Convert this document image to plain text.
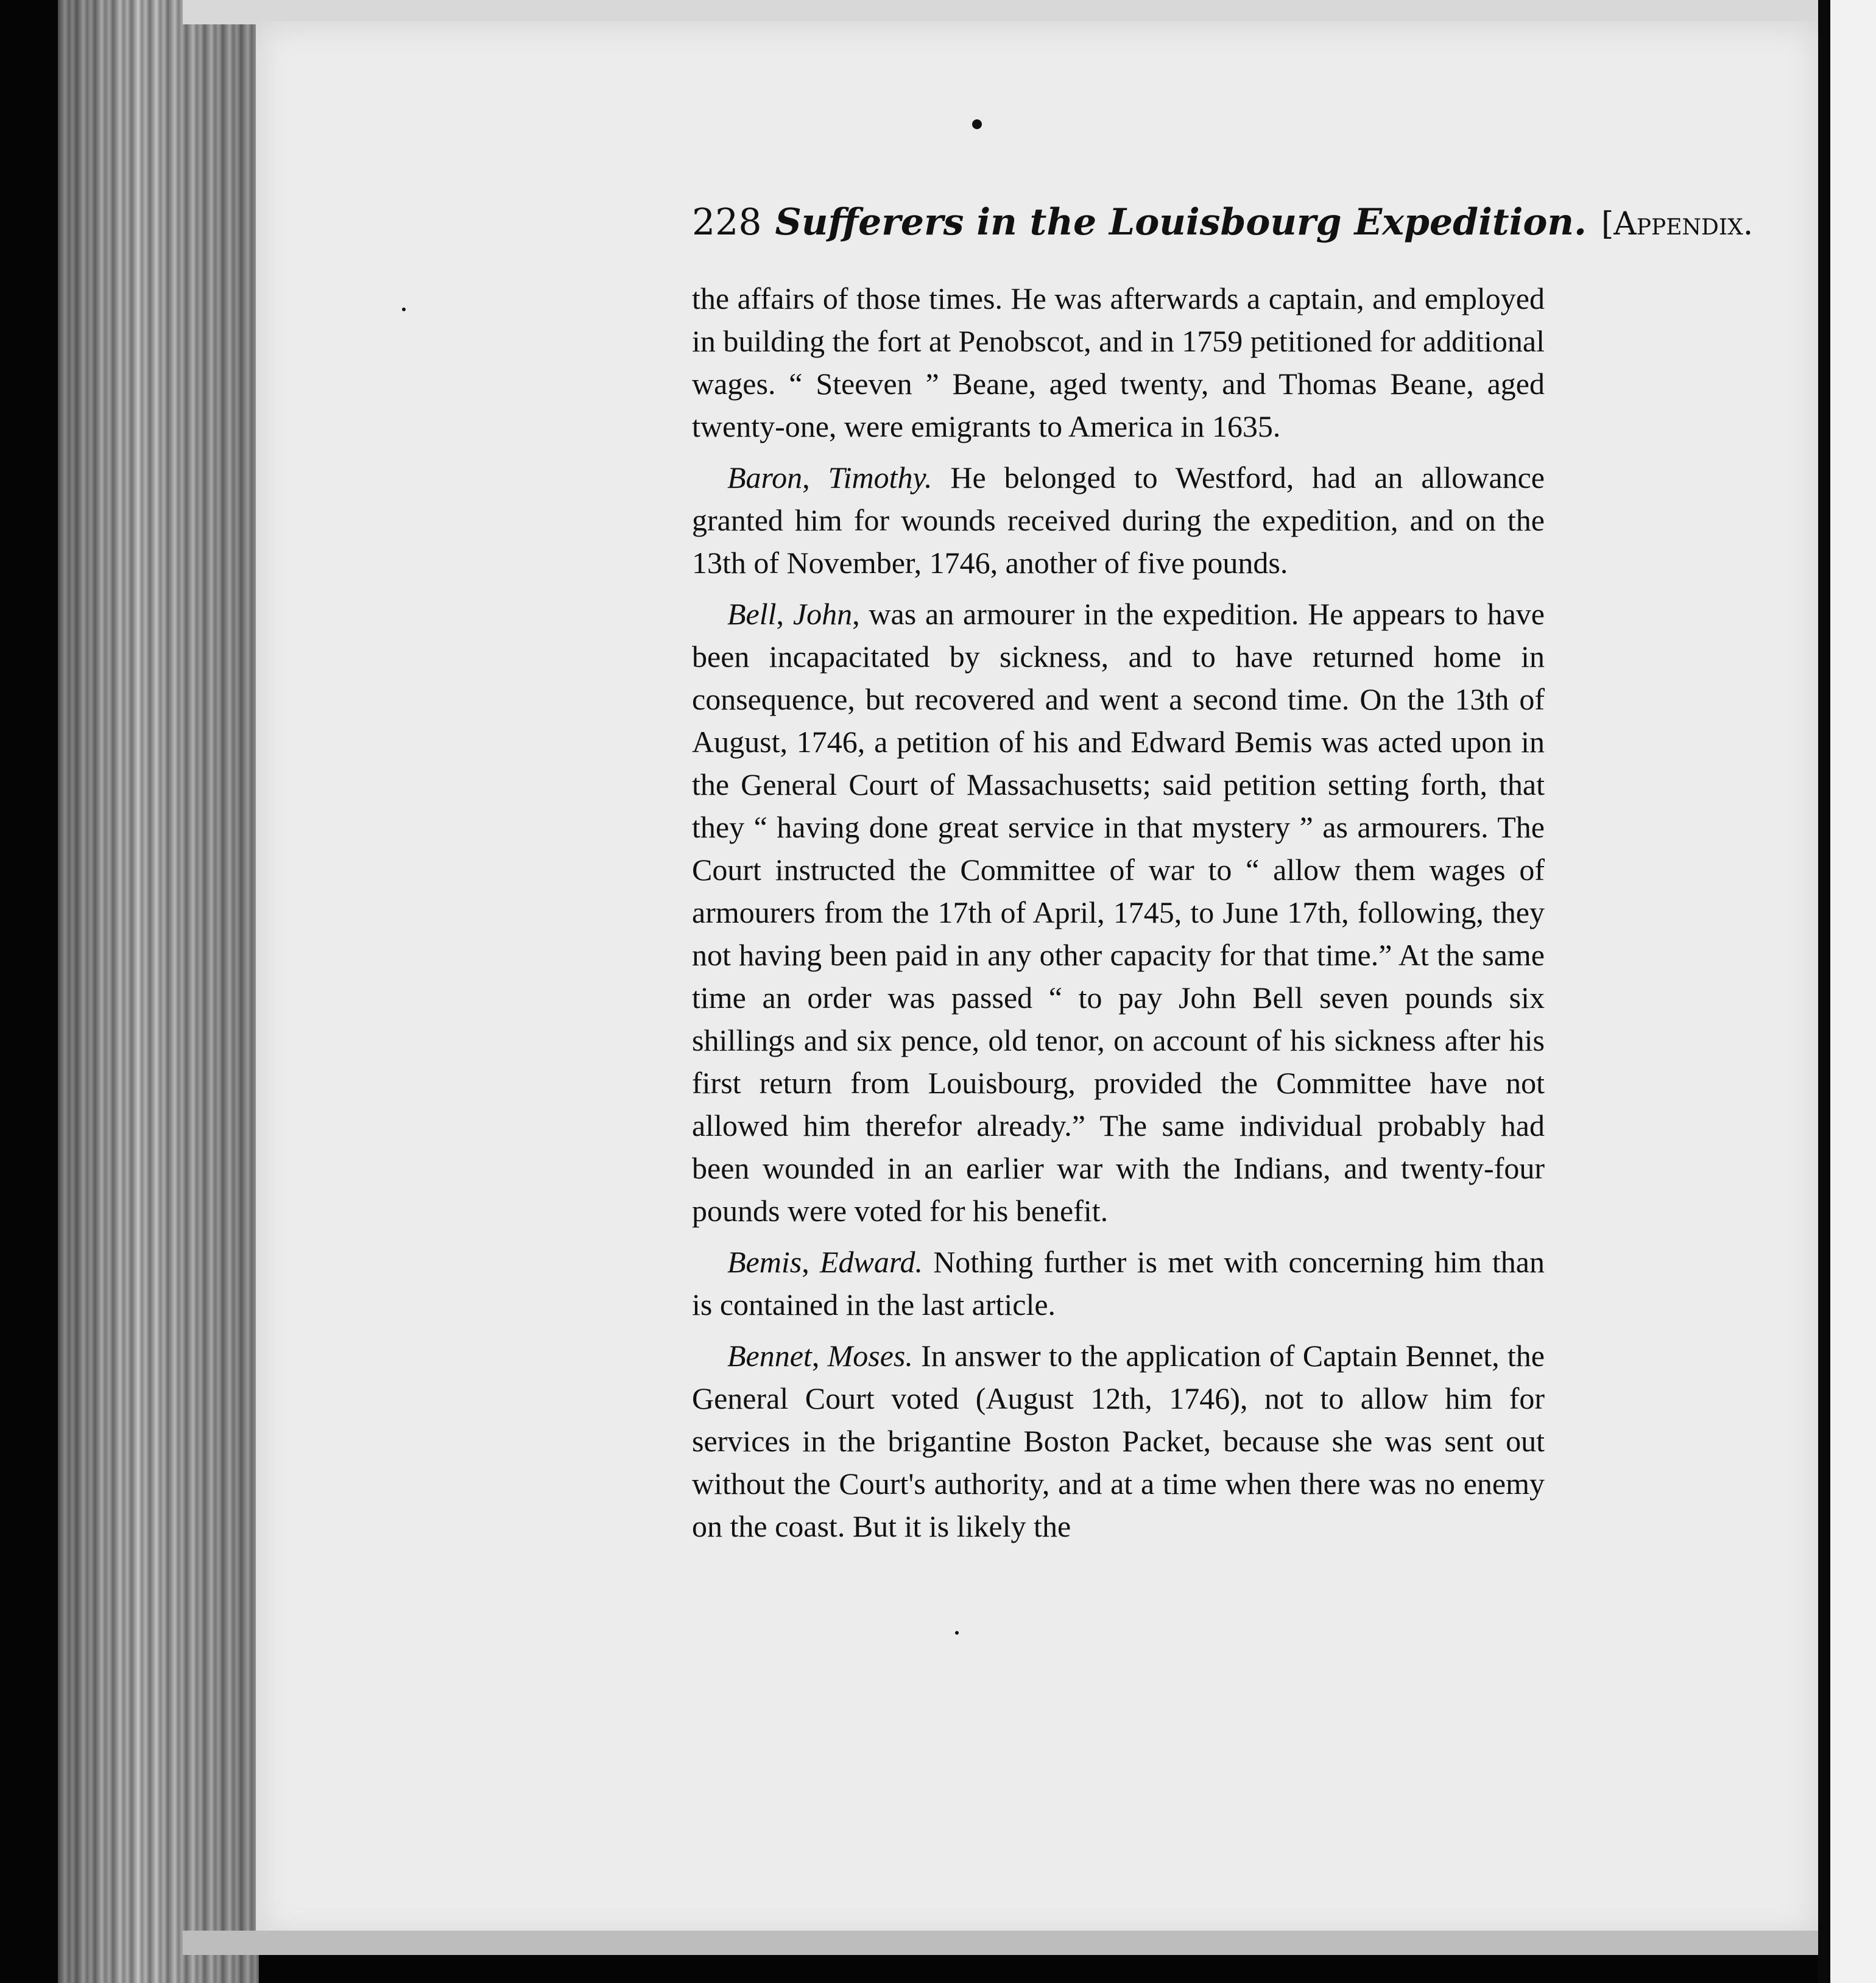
228 Sufferers in the Louisbourg Expedition. [Appendix.

the affairs of those times. He was afterwards a captain, and employed in building the fort at Penobscot, and in 1759 petitioned for additional wages. “ Steeven ” Beane, aged twenty, and Thomas Beane, aged twenty-one, were emigrants to America in 1635.

Baron, Timothy. He belonged to Westford, had an allowance granted him for wounds received during the expedition, and on the 13th of November, 1746, another of five pounds.

Bell, John, was an armourer in the expedition. He appears to have been incapacitated by sickness, and to have returned home in consequence, but recovered and went a second time. On the 13th of August, 1746, a petition of his and Edward Bemis was acted upon in the General Court of Massachusetts; said petition setting forth, that they “ having done great service in that mystery ” as armourers. The Court instructed the Committee of war to “ allow them wages of armourers from the 17th of April, 1745, to June 17th, following, they not having been paid in any other capacity for that time.” At the same time an order was passed “ to pay John Bell seven pounds six shillings and six pence, old tenor, on account of his sickness after his first return from Louisbourg, provided the Committee have not allowed him therefor already.” The same individual probably had been wounded in an earlier war with the Indians, and twenty-four pounds were voted for his benefit.

Bemis, Edward. Nothing further is met with concerning him than is contained in the last article.

Bennet, Moses. In answer to the application of Captain Bennet, the General Court voted (August 12th, 1746), not to allow him for services in the brigantine Boston Packet, because she was sent out without the Court's authority, and at a time when there was no enemy on the coast. But it is likely the
